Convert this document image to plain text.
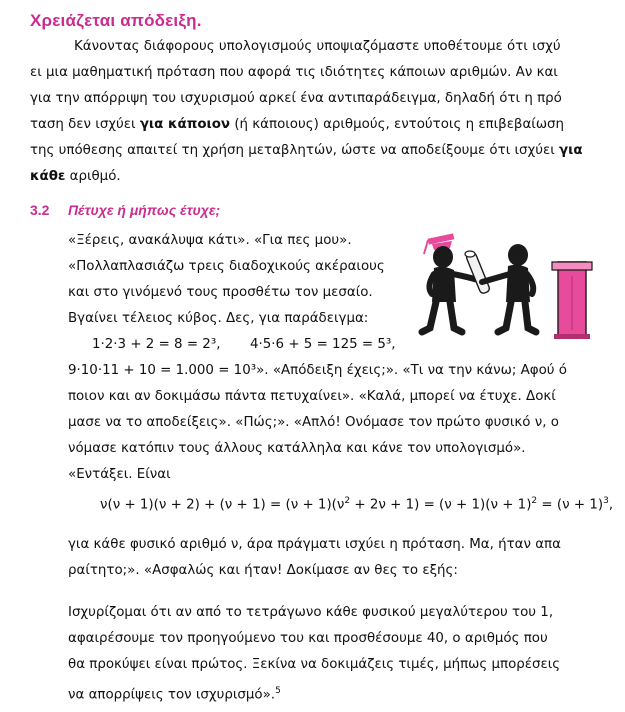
Χρειάζεται απόδειξη.
Κάνοντας διάφορους υπολογισμούς υποψιαζόμαστε υποθέτουμε ότι ισχύ
ει μια μαθηματική πρόταση που αφορά τις ιδιότητες κάποιων αριθμών. Αν και
για την απόρριψη του ισχυρισμού αρκεί ένα αντιπαράδειγμα, δηλαδή ότι η πρό
ταση δεν ισχύει για κάποιον (ή κάποιους) αριθμούς, εντούτοις η επιβεβαίωση
της υπόθεσης απαιτεί τη χρήση μεταβλητών, ώστε να αποδείξουμε ότι ισχύει για
κάθε αριθμό.
3.2 Πέτυχε ή μήπως έτυχε;
«Ξέρεις, ανακάλυψα κάτι». «Για πες μου».
«Πολλαπλασιάζω τρεις διαδοχικούς ακέραιους
και στο γινόμενό τους προσθέτω τον μεσαίο.
Βγαίνει τέλειος κύβος. Δες, για παράδειγμα:
1·2·3 + 2 = 8 = 2³, 4·5·6 + 5 = 125 = 5³,
9·10·11 + 10 = 1.000 = 10³». «Απόδειξη έχεις;». «Τι να την κάνω; Αφού ό
ποιον και αν δοκιμάσω πάντα πετυχαίνει». «Καλά, μπορεί να έτυχε. Δοκί
μασε να το αποδείξεις». «Πώς;». «Απλό! Ονόμασε τον πρώτο φυσικό ν, ο
νόμασε κατόπιν τους άλλους κατάλληλα και κάνε τον υπολογισμό».
«Εντάξει. Είναι
$\nu(\nu + 1)(\nu + 2) + (\nu + 1) = (\nu + 1)(\nu^2 + 2\nu + 1) = (\nu + 1)(\nu + 1)^2 = (\nu + 1)^3$,
για κάθε φυσικό αριθμό ν, άρα πράγματι ισχύει η πρόταση. Μα, ήταν απα
ραίτητο;». «Ασφαλώς και ήταν! Δοκίμασε αν θες το εξής:
Ισχυρίζομαι ότι αν από το τετράγωνο κάθε φυσικού μεγαλύτερου του 1,
αφαιρέσουμε τον προηγούμενο του και προσθέσουμε 40, ο αριθμός που
θα προκύψει είναι πρώτος. Ξεκίνα να δοκιμάζεις τιμές, μήπως μπορέσεις
να απορρίψεις τον ισχυρισμό».$^5$
